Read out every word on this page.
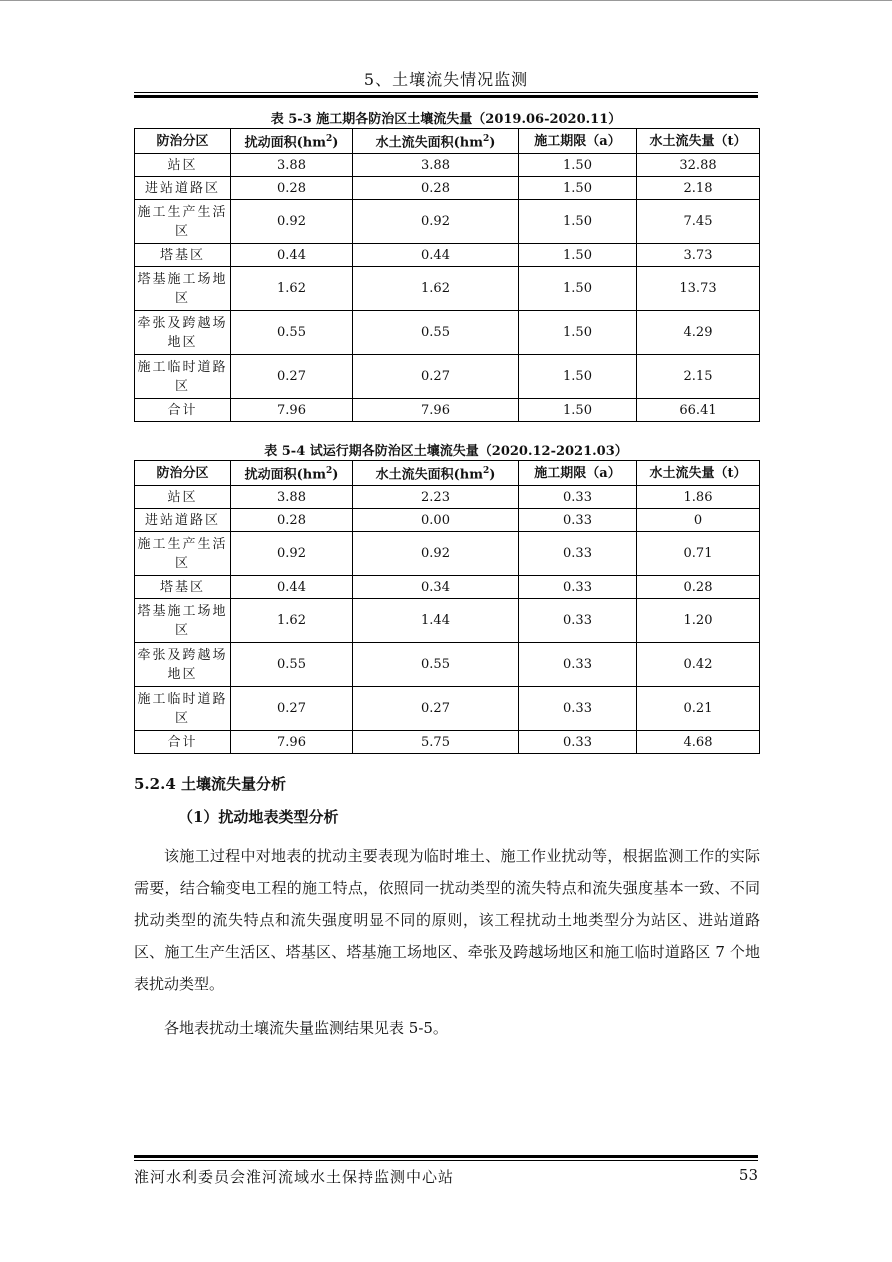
5、土壤流失情况监测
表 5-3 施工期各防治区土壤流失量（2019.06-2020.11）
防治分区	扰动面积$(hm^2)$	水土流失面积$(hm^2)$	施工期限（a）	水土流失量（t）
站区	3.88	3.88	1.50	32.88
进站道路区	0.28	0.28	1.50	2.18
施工生产生活区	0.92	0.92	1.50	7.45
塔基区	0.44	0.44	1.50	3.73
塔基施工场地区	1.62	1.62	1.50	13.73
牵张及跨越场地区	0.55	0.55	1.50	4.29
施工临时道路区	0.27	0.27	1.50	2.15
合计	7.96	7.96	1.50	66.41
表 5-4 试运行期各防治区土壤流失量（2020.12-2021.03）
防治分区	扰动面积$(hm^2)$	水土流失面积$(hm^2)$	施工期限（a）	水土流失量（t）
站区	3.88	2.23	0.33	1.86
进站道路区	0.28	0.00	0.33	0
施工生产生活区	0.92	0.92	0.33	0.71
塔基区	0.44	0.34	0.33	0.28
塔基施工场地区	1.62	1.44	0.33	1.20
牵张及跨越场地区	0.55	0.55	0.33	0.42
施工临时道路区	0.27	0.27	0.33	0.21
合计	7.96	5.75	0.33	4.68
5.2.4 土壤流失量分析
（1）扰动地表类型分析
该施工过程中对地表的扰动主要表现为临时堆土、施工作业扰动等，根据监测工作的实际需要，结合输变电工程的施工特点，依照同一扰动类型的流失特点和流失强度基本一致、不同扰动类型的流失特点和流失强度明显不同的原则，该工程扰动土地类型分为站区、进站道路区、施工生产生活区、塔基区、塔基施工场地区、牵张及跨越场地区和施工临时道路区 7 个地表扰动类型。
各地表扰动土壤流失量监测结果见表 5-5。
淮河水利委员会淮河流域水土保持监测中心站	53
